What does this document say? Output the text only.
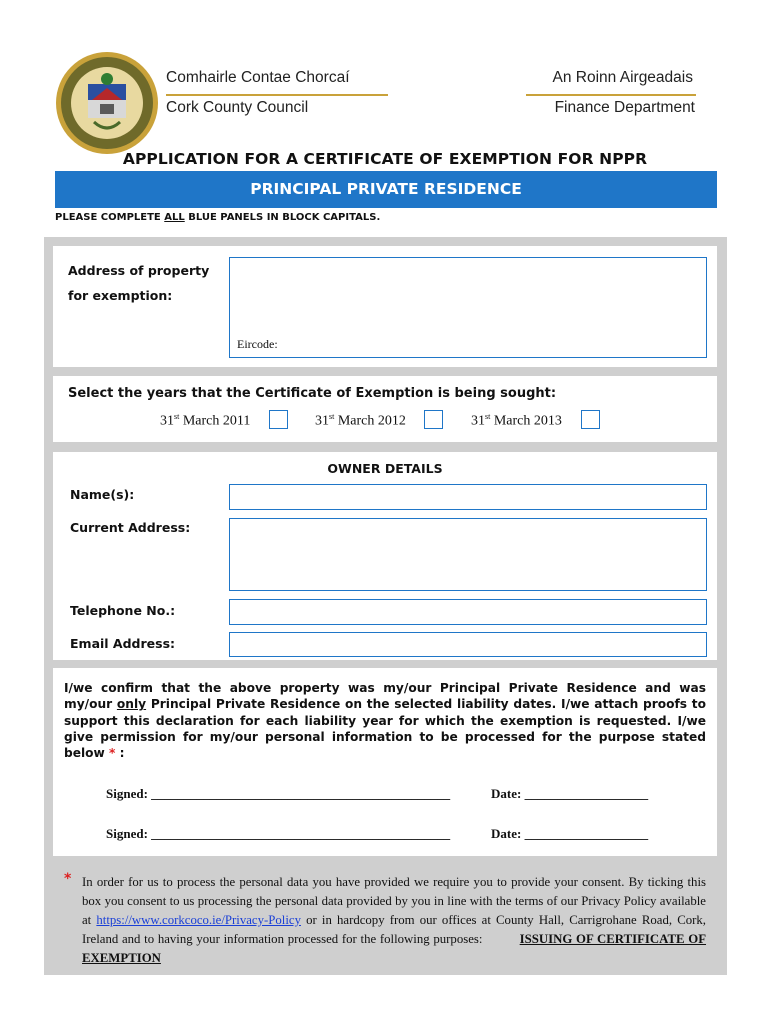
Comhairle Contae Chorcaí
Cork County Council
An Roinn Airgeadais
Finance Department
APPLICATION FOR A CERTIFICATE OF EXEMPTION FOR NPPR
PRINCIPAL PRIVATE RESIDENCE
PLEASE COMPLETE ALL BLUE PANELS IN BLOCK CAPITALS.
Address of property
for exemption:
Eircode:
Select the years that the Certificate of Exemption is being sought:
31st March 2011	31st March 2012	31st March 2013
OWNER DETAILS
Name(s):
Current Address:
Telephone No.:
Email Address:
I/we confirm that the above property was my/our Principal Private Residence and was my/our only Principal Private Residence on the selected liability dates. I/we attach proofs to support this declaration for each liability year for which the exemption is requested. I/we give permission for my/our personal information to be processed for the purpose stated below * :
Signed: ______________________________________________	Date: ___________________
Signed: ______________________________________________	Date: ___________________
* In order for us to process the personal data you have provided we require you to provide your consent. By ticking this box you consent to us processing the personal data provided by you in line with the terms of our Privacy Policy available at https://www.corkcoco.ie/Privacy-Policy or in hardcopy from our offices at County Hall, Carrigrohane Road, Cork, Ireland and to having your information processed for the following purposes:	ISSUING OF CERTIFICATE OF EXEMPTION
